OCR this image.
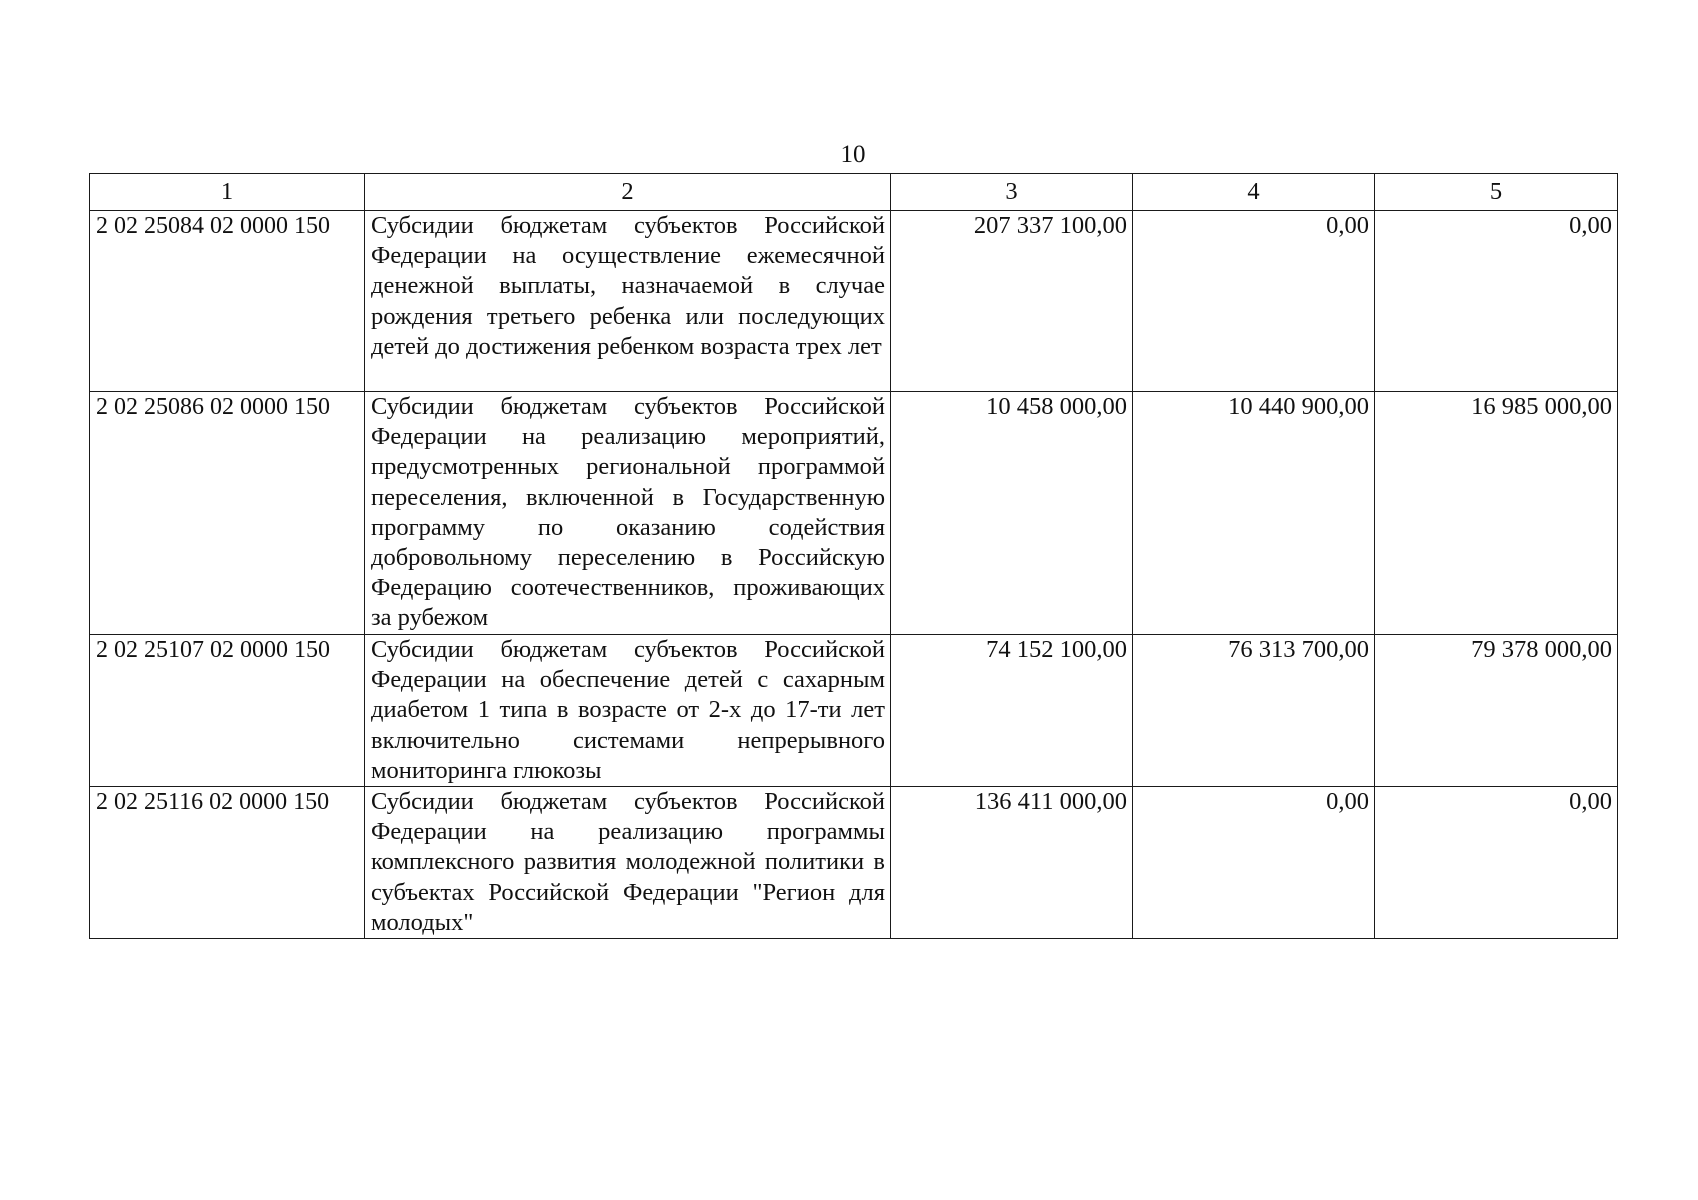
10
1	2	3	4	5
2 02 25084 02 0000 150	Субсидии бюджетам субъектов Российской Федерации на осуществление ежемесячной денежной выплаты, назначаемой в случае рождения третьего ребенка или последующих детей до достижения ребенком возраста трех лет	207 337 100,00	0,00	0,00
2 02 25086 02 0000 150	Субсидии бюджетам субъектов Российской Федерации на реализацию мероприятий, предусмотренных региональной программой переселения, включенной в Государственную программу по оказанию содействия добровольному переселению в Российскую Федерацию соотечественников, проживающих за рубежом	10 458 000,00	10 440 900,00	16 985 000,00
2 02 25107 02 0000 150	Субсидии бюджетам субъектов Российской Федерации на обеспечение детей с сахарным диабетом 1 типа в возрасте от 2-х до 17-ти лет включительно системами непрерывного мониторинга глюкозы	74 152 100,00	76 313 700,00	79 378 000,00
2 02 25116 02 0000 150	Субсидии бюджетам субъектов Российской Федерации на реализацию программы комплексного развития молодежной политики в субъектах Российской Федерации "Регион для молодых"	136 411 000,00	0,00	0,00
